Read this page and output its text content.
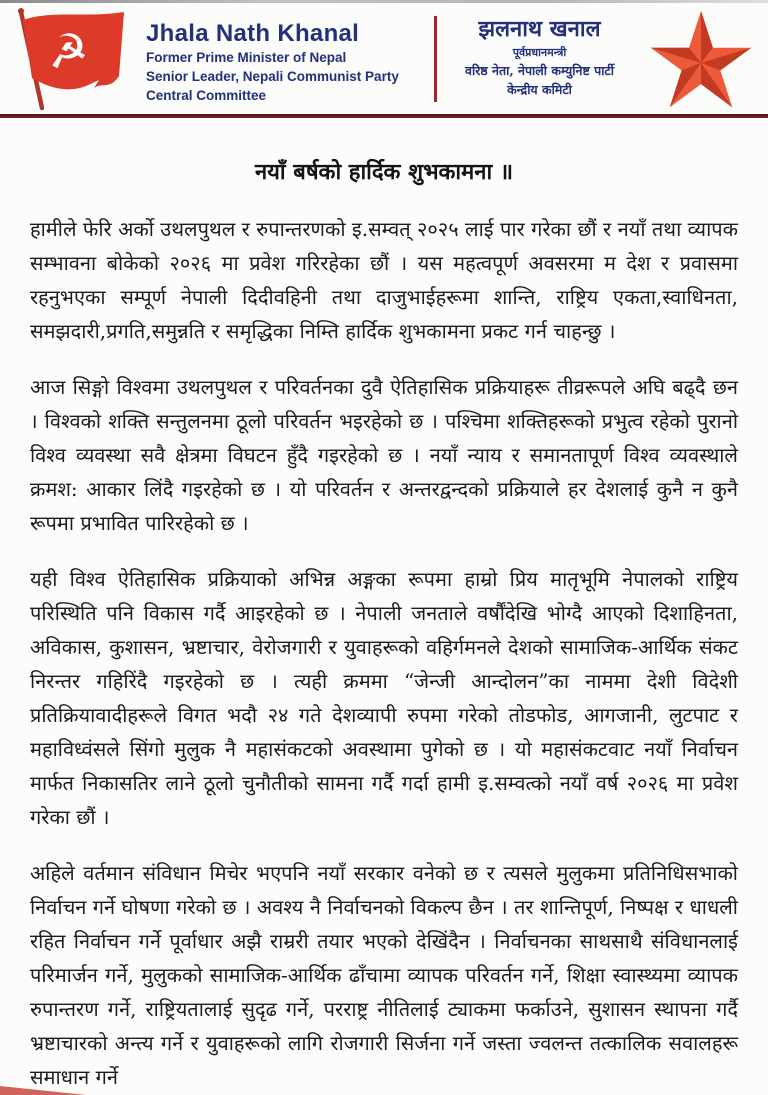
☭ Jhala Nath Khanal
Former Prime Minister of Nepal
Senior Leader, Nepali Communist Party
Central Committee
झलनाथ खनाल
पूर्वप्रधानमन्त्री
वरिष्ठ नेता, नेपाली कम्युनिष्ट पार्टी
केन्द्रीय कमिटी
नयाँ बर्षको हार्दिक शुभकामना ॥

हामीले फेरि अर्को उथलपुथल र रुपान्तरणको इ.सम्वत् २०२५ लाई पार गरेका छौं र नयाँ तथा व्यापक सम्भावना बोकेको २०२६ मा प्रवेश गरिरहेका छौं । यस महत्वपूर्ण अवसरमा म देश र प्रवासमा रहनुभएका सम्पूर्ण नेपाली दिदीवहिनी तथा दाजुभाईहरूमा शान्ति, राष्ट्रिय एकता,स्वाधिनता, समझदारी,प्रगति,समुन्नति र समृद्धिका निम्ति हार्दिक शुभकामना प्रकट गर्न चाहन्छु ।

आज सिङ्गो विश्वमा उथलपुथल र परिवर्तनका दुवै ऐतिहासिक प्रक्रियाहरू तीव्ररूपले अघि बढ्दै छन । विश्वको शक्ति सन्तुलनमा ठूलो परिवर्तन भइरहेको छ । पश्चिमा शक्तिहरूको प्रभुत्व रहेको पुरानो विश्व व्यवस्था सवै क्षेत्रमा विघटन हुँदै गइरहेको छ । नयाँ न्याय र समानतापूर्ण विश्व व्यवस्थाले क्रमश: आकार लिंदै गइरहेको छ । यो परिवर्तन र अन्तरद्वन्दको प्रक्रियाले हर देशलाई कुनै न कुनै रूपमा प्रभावित पारिरहेको छ ।

यही विश्व ऐतिहासिक प्रक्रियाको अभिन्न अङ्गका रूपमा हाम्रो प्रिय मातृभूमि नेपालको राष्ट्रिय परिस्थिति पनि विकास गर्दै आइरहेको छ । नेपाली जनताले वर्षौंदेखि भोग्दै आएको दिशाहिनता, अविकास, कुशासन, भ्रष्टाचार, वेरोजगारी र युवाहरूको वहिर्गमनले देशको सामाजिक-आर्थिक संकट निरन्तर गहिरिंदै गइरहेको छ । त्यही क्रममा “जेन्जी आन्दोलन”का नाममा देशी विदेशी प्रतिक्रियावादीहरूले विगत भदौ २४ गते देशव्यापी रुपमा गरेको तोडफोड, आगजानी, लुटपाट र महाविध्वंसले सिंगो मुलुक नै महासंकटको अवस्थामा पुगेको छ । यो महासंकटवाट नयाँ निर्वाचन मार्फत निकासतिर लाने ठूलो चुनौतीको सामना गर्दै गर्दा हामी इ.सम्वत्को नयाँ वर्ष २०२६ मा प्रवेश गरेका छौं ।

अहिले वर्तमान संविधान मिचेर भएपनि नयाँ सरकार वनेको छ र त्यसले मुलुकमा प्रतिनिधिसभाको निर्वाचन गर्ने घोषणा गरेको छ । अवश्य नै निर्वाचनको विकल्प छैन । तर शान्तिपूर्ण, निष्पक्ष र धाधली रहित निर्वाचन गर्ने पूर्वाधार अझै राम्ररी तयार भएको देखिंदैन । निर्वाचनका साथसाथै संविधानलाई परिमार्जन गर्ने, मुलुकको सामाजिक-आर्थिक ढाँचामा व्यापक परिवर्तन गर्ने, शिक्षा स्वास्थ्यमा व्यापक रुपान्तरण गर्ने, राष्ट्रियतालाई सुदृढ गर्ने, परराष्ट्र नीतिलाई ट्याकमा फर्काउने, सुशासन स्थापना गर्दै भ्रष्टाचारको अन्त्य गर्ने र युवाहरूको लागि रोजगारी सिर्जना गर्ने जस्ता ज्वलन्त तत्कालिक सवालहरू समाधान गर्ने
